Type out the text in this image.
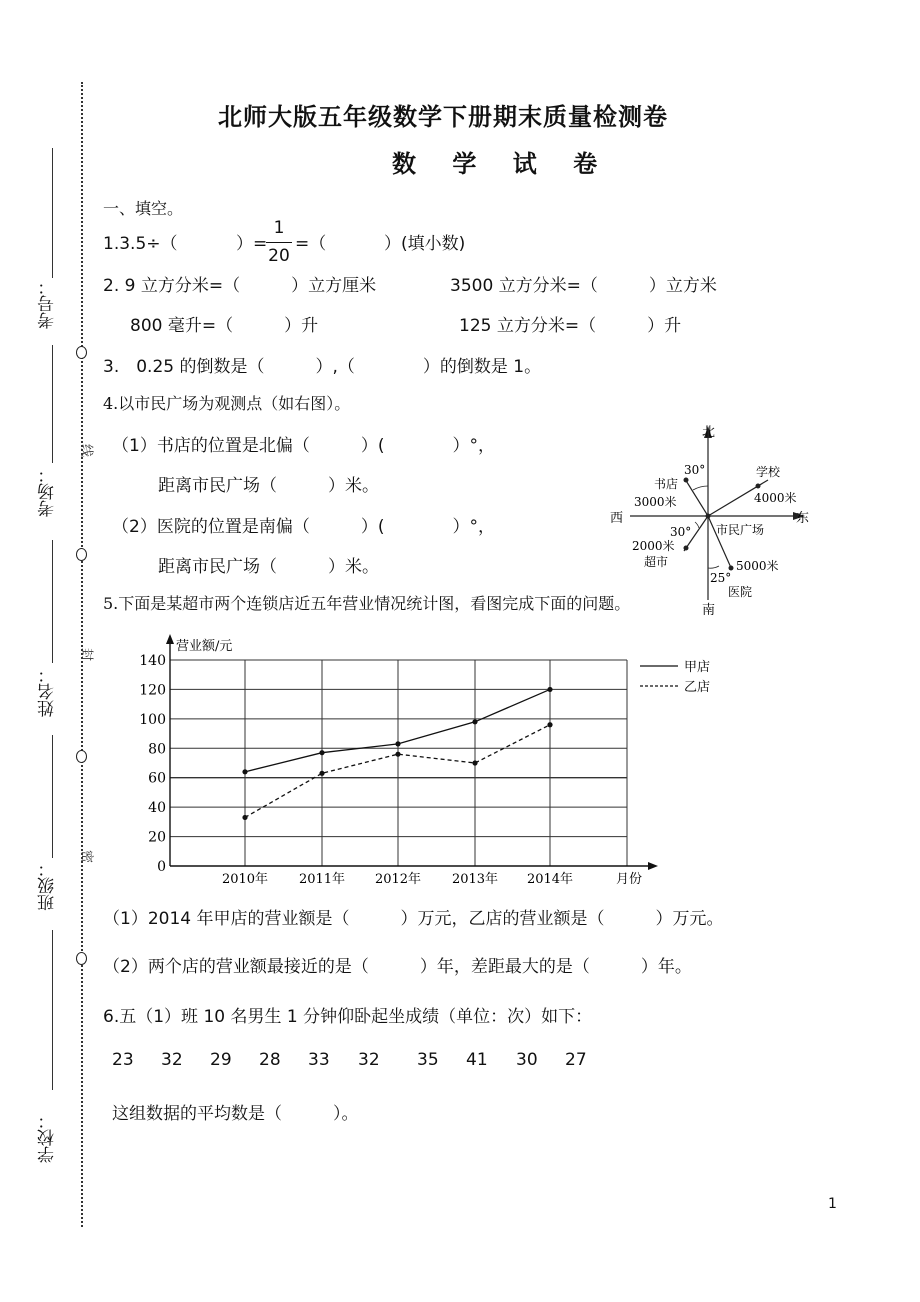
考号：
考场：
线
姓名：
封
班级：
密
学校：
北师大版五年级数学下册期末质量检测卷
数 学 试 卷
一、填空。
1.3.5÷（	）=
1
20
=（	）(填小数)
2. 9 立方分米=（　　　）立方厘米	3500 立方分米=（　　　）立方米
800 毫升=（　　　）升	125 立方分米=（　　　）升
3.　0.25 的倒数是（　　　）,（　　　　）的倒数是 1。
4.以市民广场为观测点（如右图）。
（1）书店的位置是北偏（　　　）(　　　　）°，
距离市民广场（　　　）米。
（2）医院的位置是南偏（　　　）(　　　　）°，
距离市民广场（　　　）米。
北
南
东
西
市民广场
书店
30°
3000米
学校
4000米
30°
2000米
超市
25°
5000米
医院
5.下面是某超市两个连锁店近五年营业情况统计图，看图完成下面的问题。
0
20
40
60
80
100
120
140
营业额/元
月份
2010年 2011年 2012年 2013年 2014年
甲店
乙店
（1）2014 年甲店的营业额是（　　　）万元，乙店的营业额是（　　　）万元。
（2）两个店的营业额最接近的是（　　　）年，差距最大的是（　　　）年。
6.五（1）班 10 名男生 1 分钟仰卧起坐成绩（单位：次）如下：
23 32 29 28 33 32 35 41 30 27
这组数据的平均数是（　　　）。
1
